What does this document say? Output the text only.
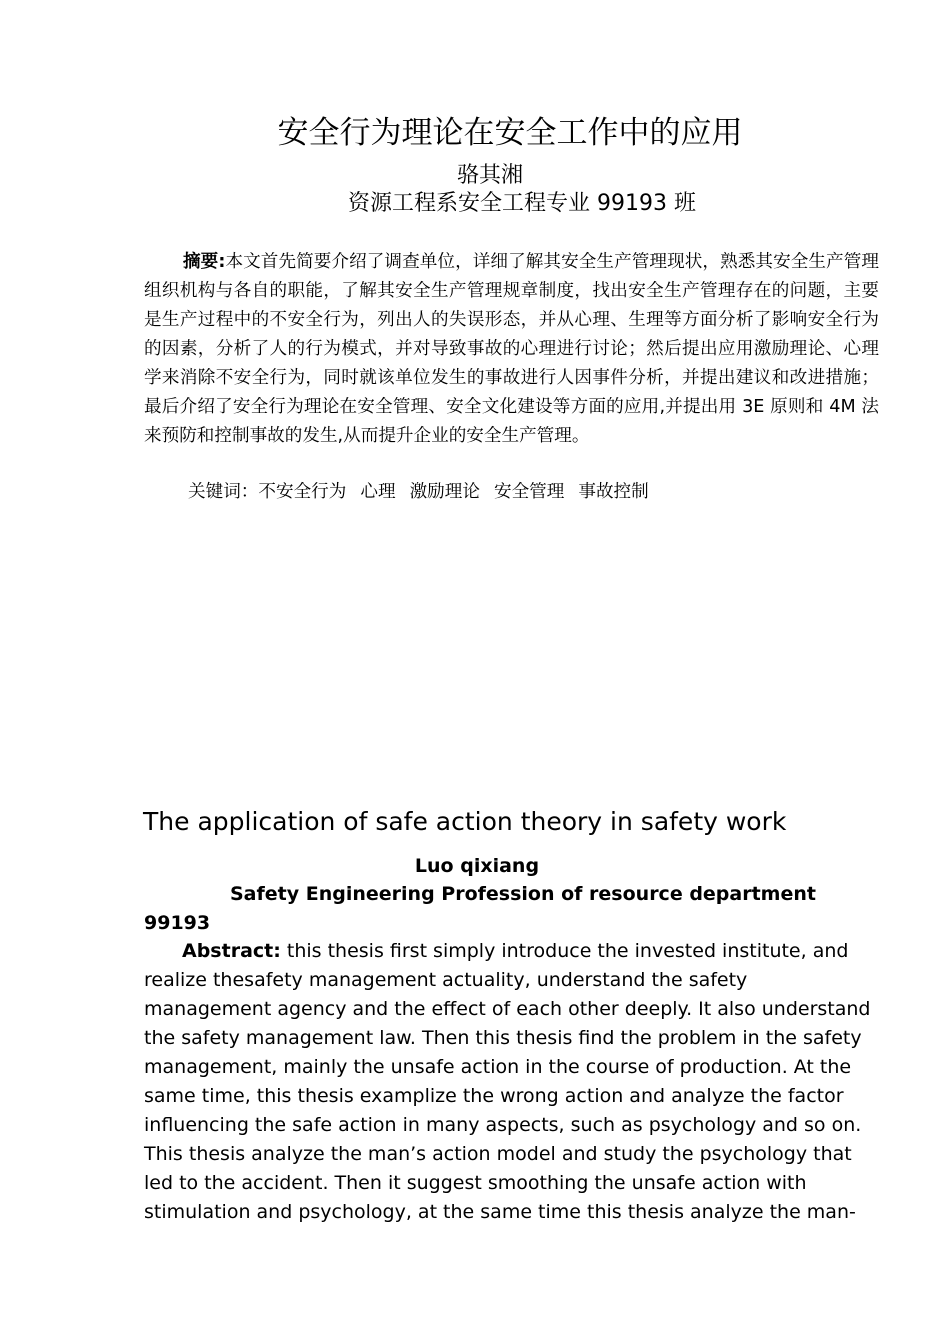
安全行为理论在安全工作中的应用
骆其湘
资源工程系安全工程专业 99193 班

摘要:本文首先简要介绍了调查单位，详细了解其安全生产管理现状，熟悉其安全生产管理组织机构与各自的职能，了解其安全生产管理规章制度，找出安全生产管理存在的问题，主要是生产过程中的不安全行为，列出人的失误形态，并从心理、生理等方面分析了影响安全行为的因素，分析了人的行为模式，并对导致事故的心理进行讨论；然后提出应用激励理论、心理学来消除不安全行为，同时就该单位发生的事故进行人因事件分析，并提出建议和改进措施；最后介绍了安全行为理论在安全管理、安全文化建设等方面的应用,并提出用 3E 原则和 4M 法来预防和控制事故的发生,从而提升企业的安全生产管理。

关键词：不安全行为 心理 激励理论 安全管理 事故控制
The application of safe action theory in safety work
Luo qixiang
Safety Engineering Profession of resource department
99193
Abstract: this thesis first simply introduce the invested institute, and
realize thesafety management actuality, understand the safety
management agency and the effect of each other deeply. It also understand
the safety management law. Then this thesis find the problem in the safety
management, mainly the unsafe action in the course of production. At the
same time, this thesis examplize the wrong action and analyze the factor
influencing the safe action in many aspects, such as psychology and so on.
This thesis analyze the man’s action model and study the psychology that
led to the accident. Then it suggest smoothing the unsafe action with
stimulation and psychology, at the same time this thesis analyze the man-
